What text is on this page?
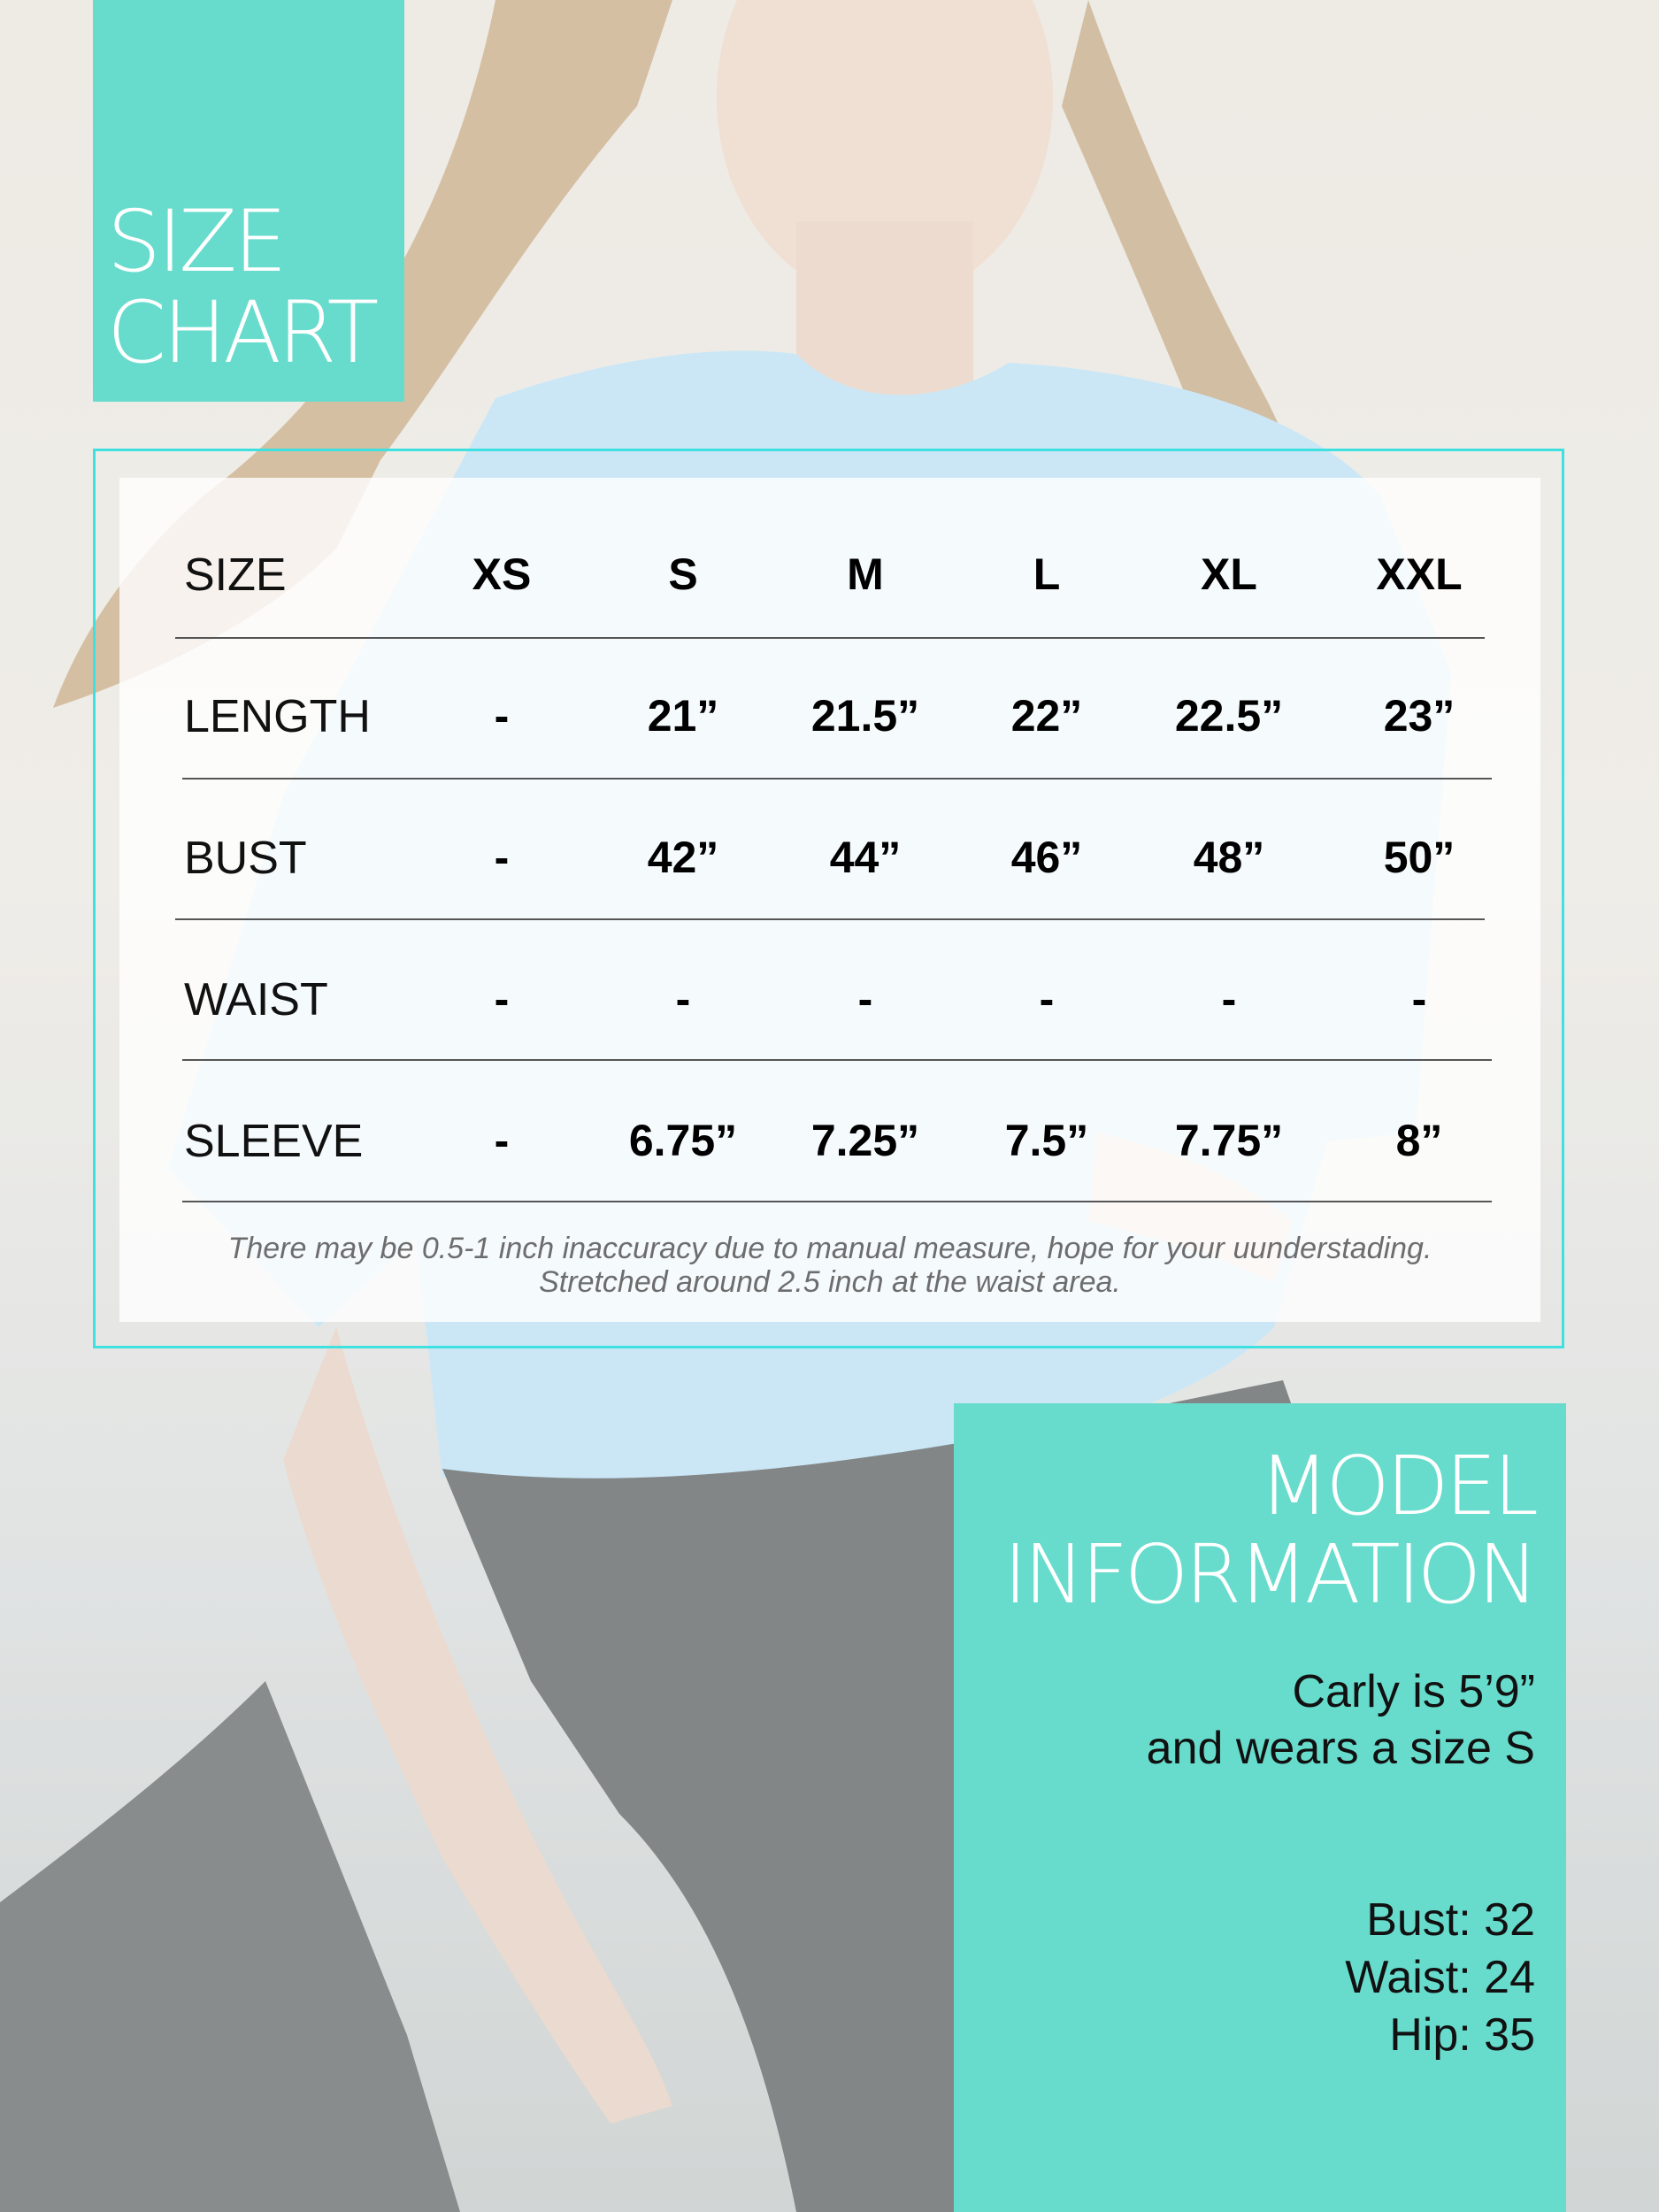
SIZE
CHART
SIZE	XS	S	M	L	XL	XXL
LENGTH	-	21”	21.5”	22”	22.5”	23”
BUST	-	42”	44”	46”	48”	50”
WAIST	-	-	-	-	-	-
SLEEVE	-	6.75”	7.25”	7.5”	7.75”	8”
There may be 0.5-1 inch inaccuracy due to manual measure, hope for your uunderstading.
Stretched around 2.5 inch at the waist area.
MODEL
INFORMATION
Carly is 5’9”
and wears a size S
Bust: 32
Waist: 24
Hip: 35
